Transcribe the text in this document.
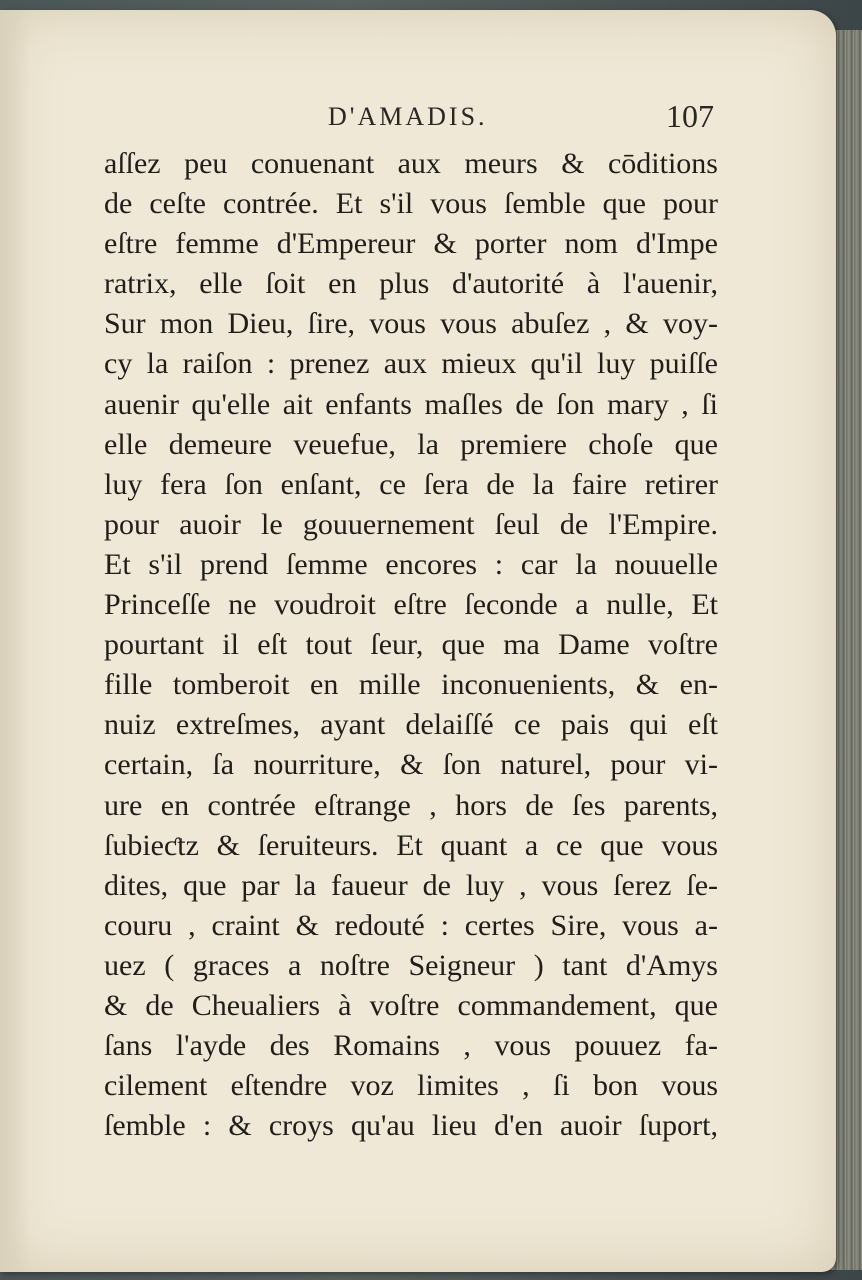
D'AMADIS.	107
aſſez peu conuenant aux meurs & cōditions
de ceſte contrée. Et s'il vous ſemble que pour
eſtre femme d'Empereur & porter nom d'Impe
ratrix, elle ſoit en plus d'autorité à l'auenir,
Sur mon Dieu, ſire, vous vous abuſez , & voy-
cy la raiſon : prenez aux mieux qu'il luy puiſſe
auenir qu'elle ait enfants maſles de ſon mary , ſi
elle demeure veuefue, la premiere choſe que
luy fera ſon enſant, ce ſera de la faire retirer
pour auoir le gouuernement ſeul de l'Empire.
Et s'il prend ſemme encores : car la nouuelle
Princeſſe ne voudroit eſtre ſeconde a nulle, Et
pourtant il eſt tout ſeur, que ma Dame voſtre
fille tomberoit en mille inconuenients, & en-
nuiz extreſmes, ayant delaiſſé ce pais qui eſt
certain, ſa nourriture, & ſon naturel, pour vi-
ure en contrée eſtrange , hors de ſes parents,
ſubieƈtz & ſeruiteurs. Et quant a ce que vous
dites, que par la faueur de luy , vous ſerez ſe-
couru , craint & redouté : certes Sire, vous a-
uez ( graces a noſtre Seigneur ) tant d'Amys
& de Cheualiers à voſtre commandement, que
ſans l'ayde des Romains , vous pouuez fa-
cilement eſtendre voz limites , ſi bon vous
ſemble : & croys qu'au lieu d'en auoir ſuport,
